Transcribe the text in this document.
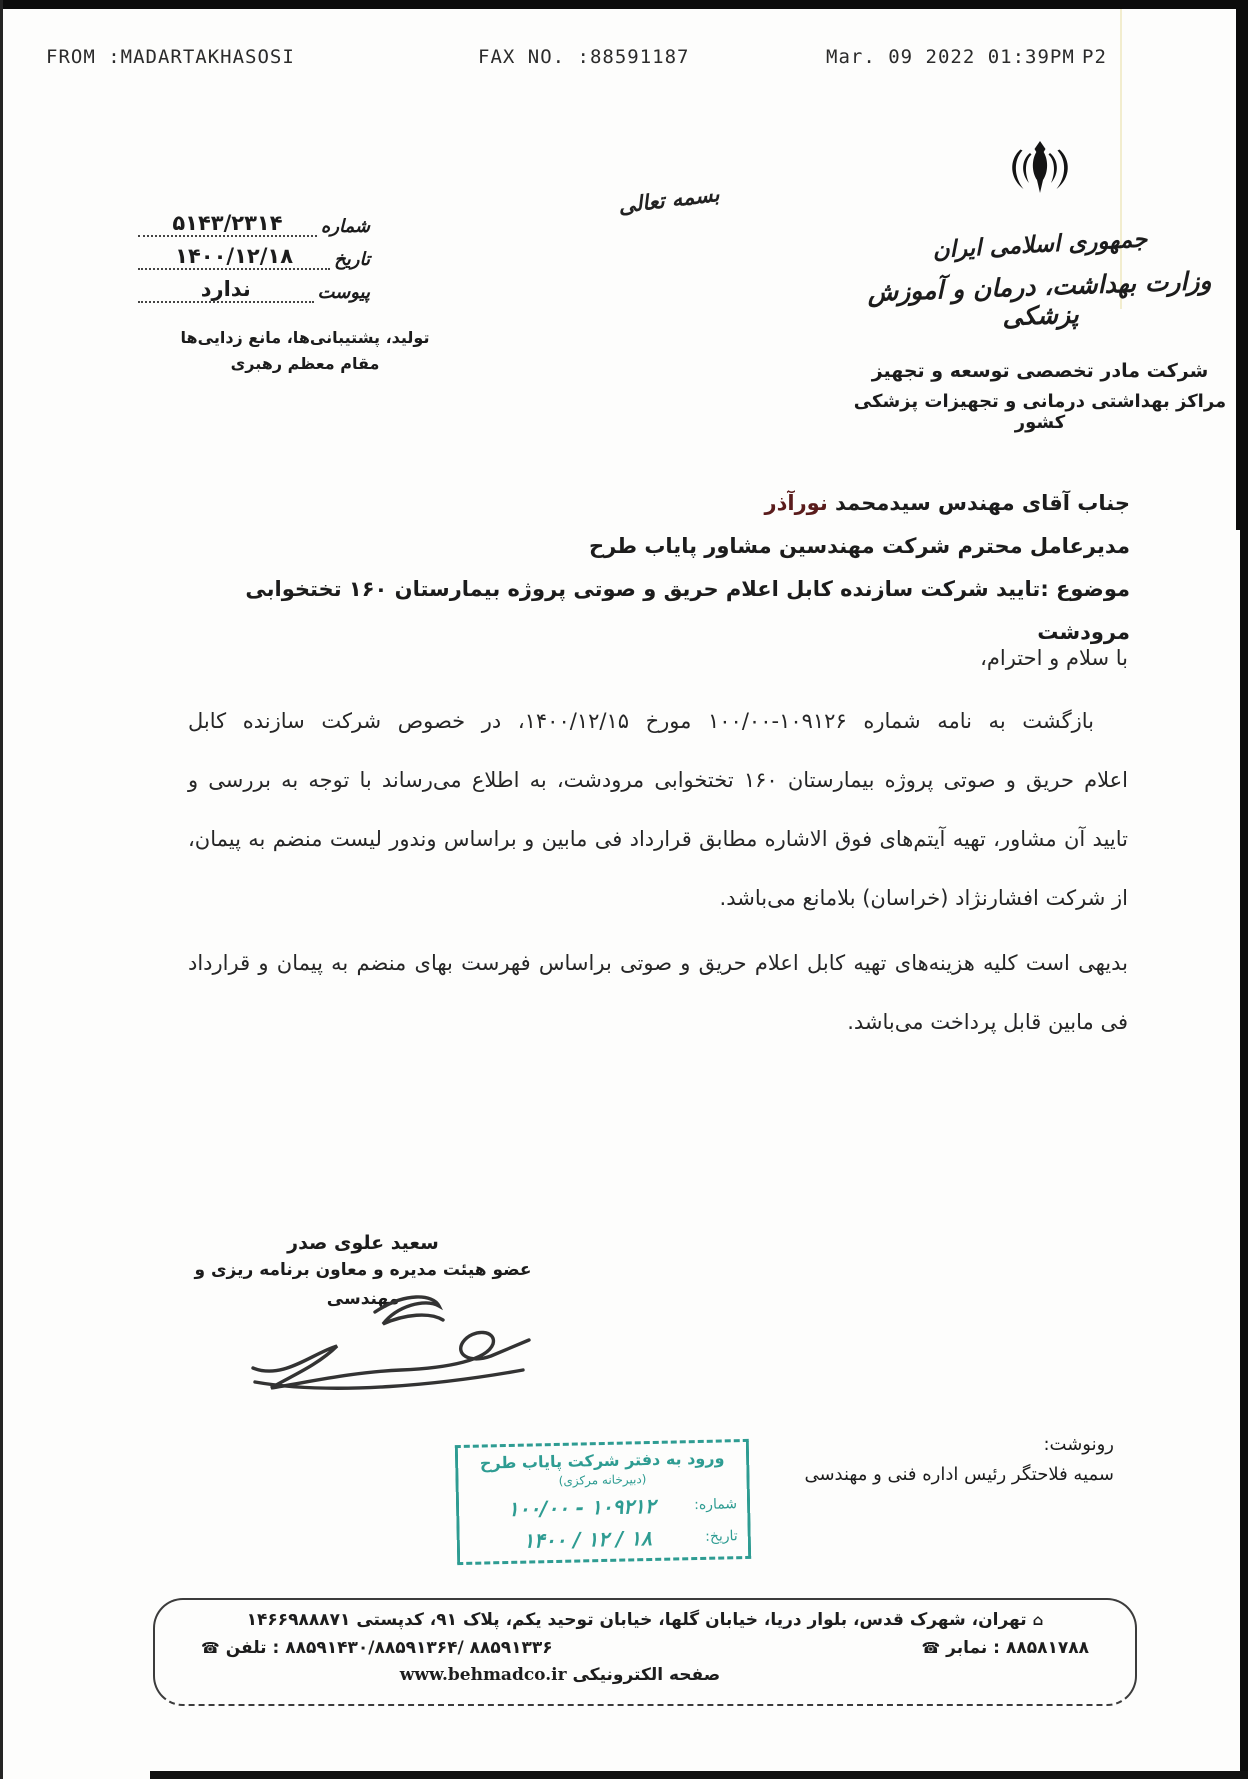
FROM :MADARTAKHASOSI	FAX NO. :88591187	Mar. 09 2022 01:39PM P2
بسمه تعالی
جمهوری اسلامی ایران
وزارت بهداشت، درمان و آموزش پزشکی
شرکت مادر تخصصی توسعه و تجهیز
مراکز بهداشتی درمانی و تجهیزات پزشکی کشور
شماره
۵۱۴۳/۲۳۱۴
تاریخ
۱۴۰۰/۱۲/۱۸
پیوست
ندارد
تولید، پشتیبانی‌ها، مانع زدایی‌ها
مقام معظم رهبری
جناب آقای مهندس سیدمحمد نورآذر
مدیرعامل محترم شرکت مهندسین مشاور پایاب طرح
موضوع :تایید شرکت سازنده کابل اعلام حریق و صوتی پروژه بیمارستان ۱۶۰ تختخوابی مرودشت
با سلام و احترام،
بازگشت به نامه شماره ۱۰۹۱۲۶-۱۰۰/۰۰ مورخ ۱۴۰۰/۱۲/۱۵، در خصوص شرکت سازنده کابل
اعلام حریق و صوتی پروژه بیمارستان ۱۶۰ تختخوابی مرودشت، به اطلاع می‌رساند با توجه به بررسی و
تایید آن مشاور، تهیه آیتم‌های فوق الاشاره مطابق قرارداد فی مابین و براساس وندور لیست منضم به پیمان،
از شرکت افشارنژاد (خراسان) بلامانع می‌باشد.
بدیهی است کلیه هزینه‌های تهیه کابل اعلام حریق و صوتی براساس فهرست بهای منضم به پیمان و قرارداد
فی مابین قابل پرداخت می‌باشد.
سعید علوی صدر
عضو هیئت مدیره و معاون برنامه ریزی و
مهندسی
رونوشت:
سمیه فلاحتگر رئیس اداره فنی و مهندسی
ورود به دفتر شرکت پایاب طرح
(دبیرخانه مرکزی)
شماره:
۱۰۰/۰۰ - ۱۰۹۲۱۲
تاریخ:
۱۴۰۰ / ۱۲ / ۱۸
⌂ تهران، شهرک قدس، بلوار دریا، خیابان گلها، خیابان توحید یکم، پلاک ۹۱، کدپستی ۱۴۶۶۹۸۸۸۷۱
☎ تلفن : ۸۸۵۹۱۴۳۰/۸۸۵۹۱۳۶۴/ ۸۸۵۹۱۳۳۶	☎ نمابر : ۸۸۵۸۱۷۸۸
صفحه الکترونیکی www.behmadco.ir
